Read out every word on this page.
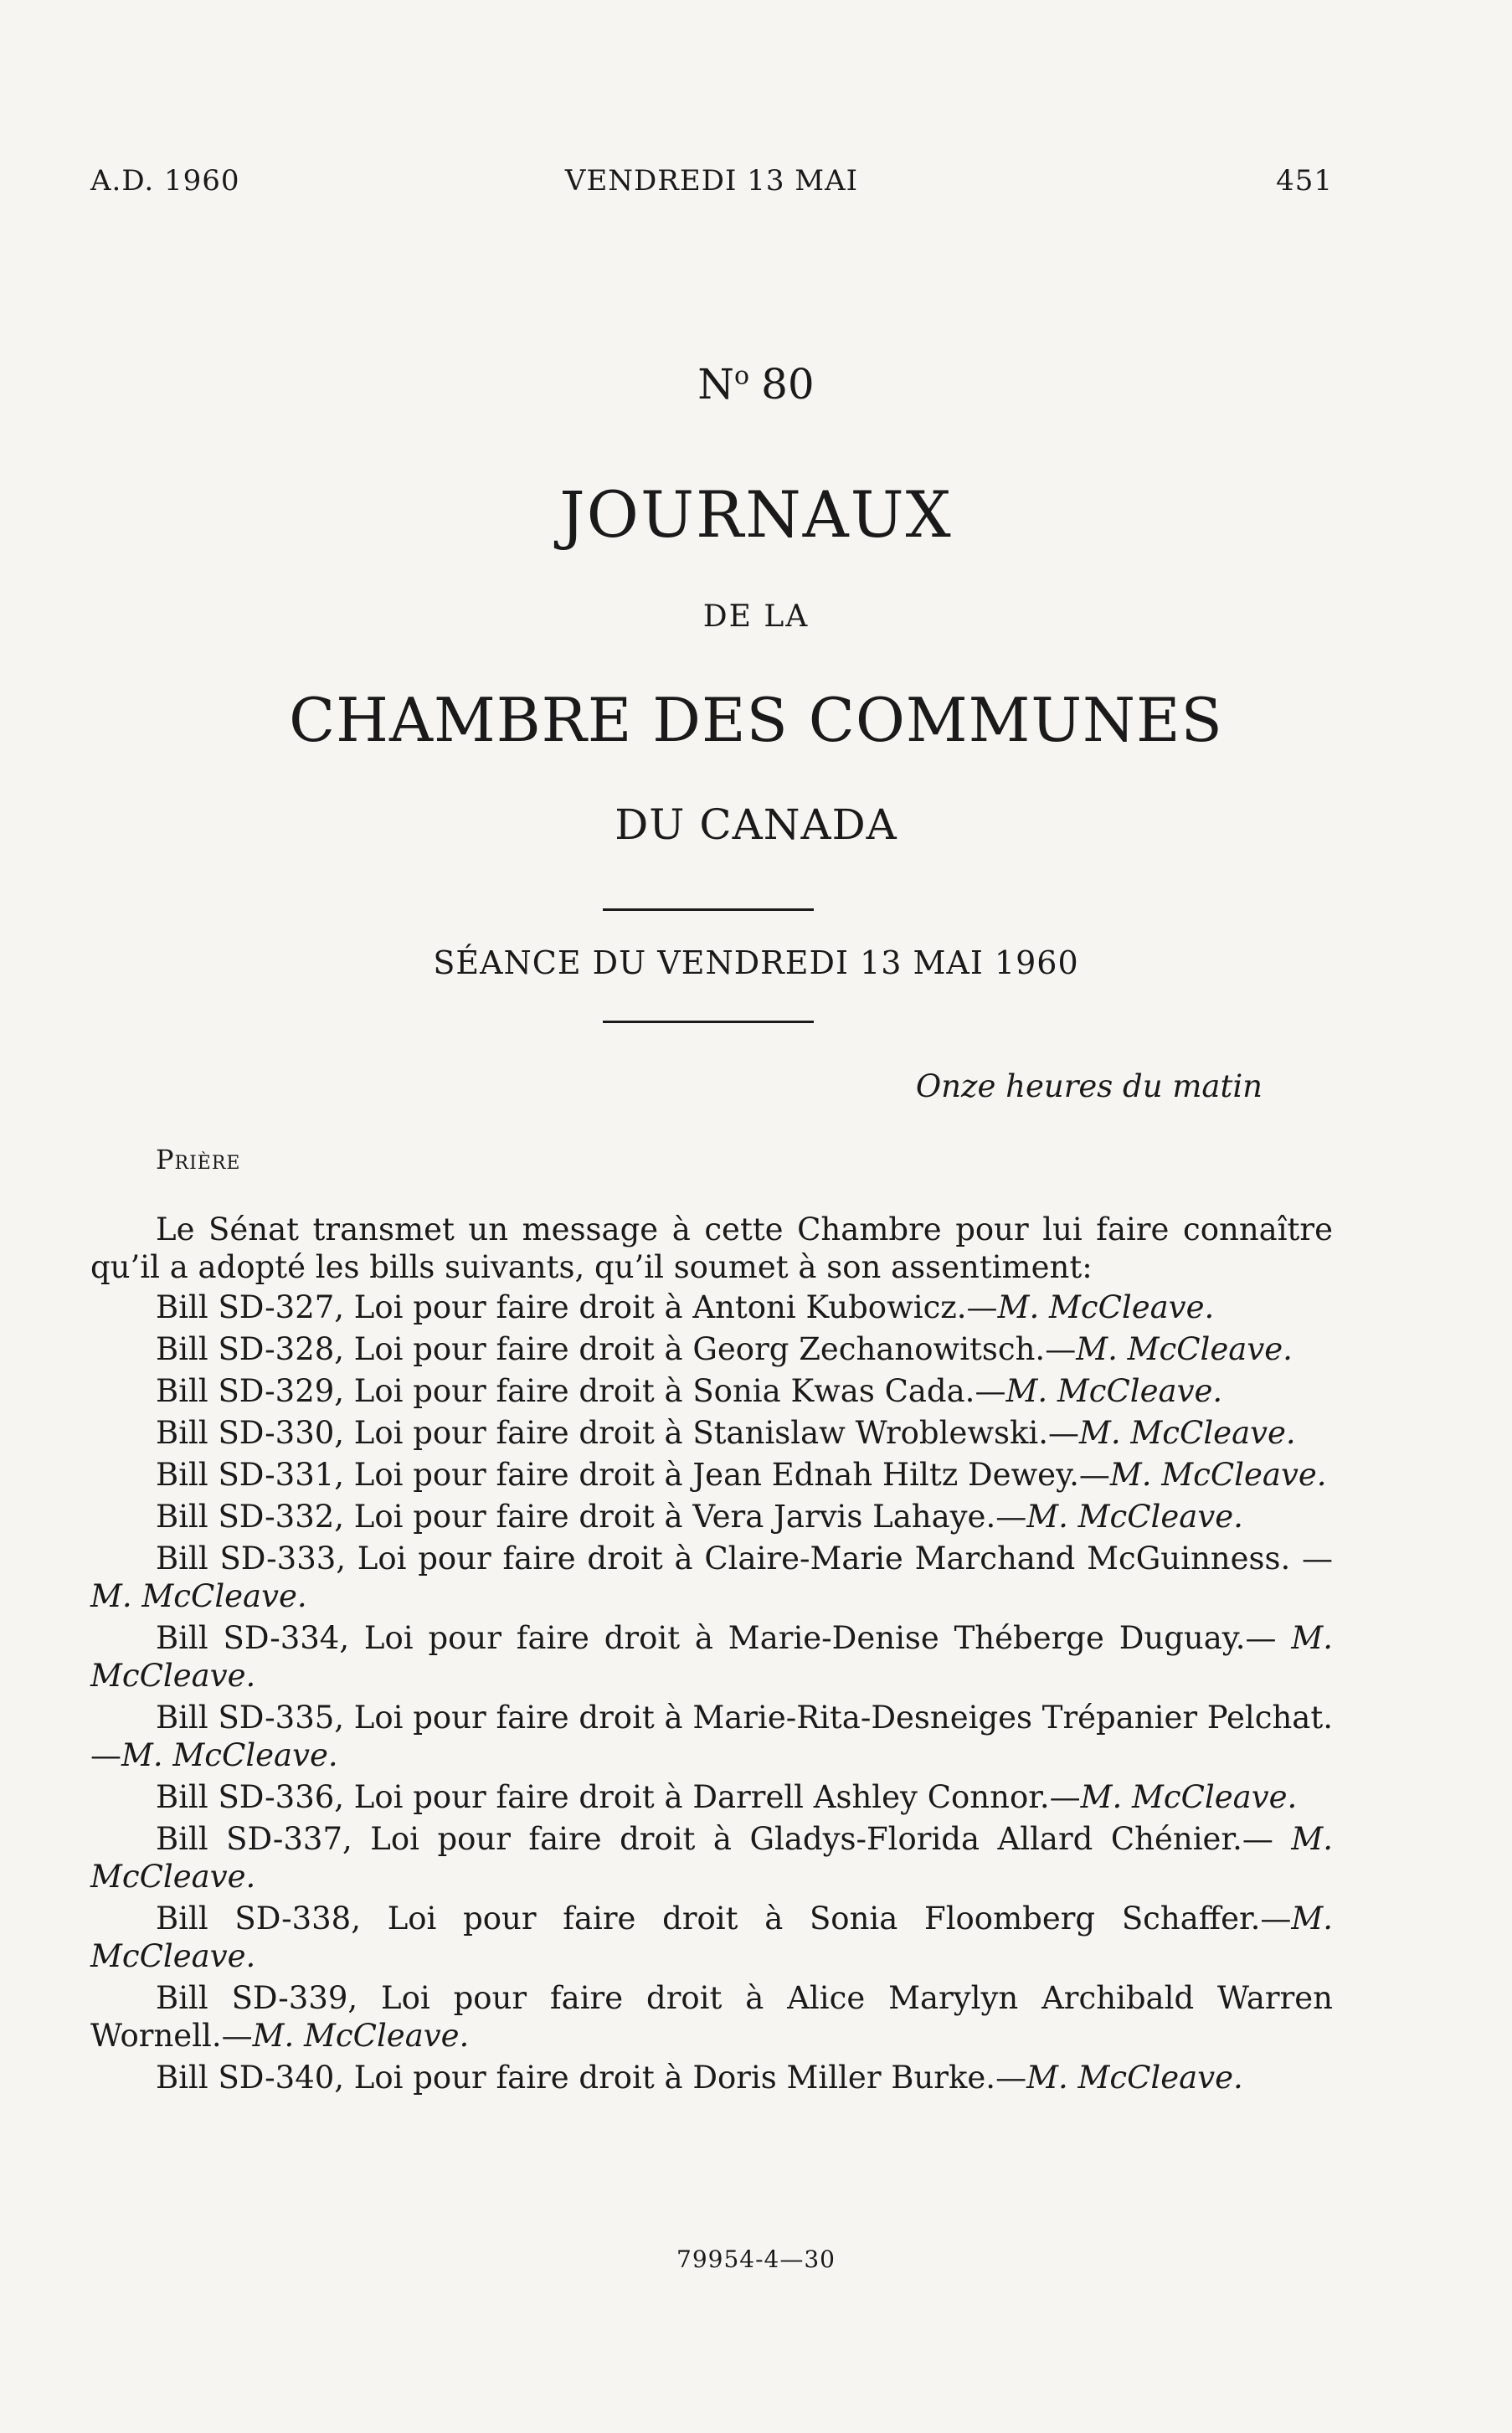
A.D. 1960	VENDREDI 13 MAI	451
$N^o$ 80
JOURNAUX
DE LA
CHAMBRE DES COMMUNES
DU CANADA
SÉANCE DU VENDREDI 13 MAI 1960
Onze heures du matin
Prière

Le Sénat transmet un message à cette Chambre pour lui faire connaître qu’il a adopté les bills suivants, qu’il soumet à son assentiment:

Bill SD-327, Loi pour faire droit à Antoni Kubowicz.—M. McCleave.

Bill SD-328, Loi pour faire droit à Georg Zechanowitsch.—M. McCleave.

Bill SD-329, Loi pour faire droit à Sonia Kwas Cada.—M. McCleave.

Bill SD-330, Loi pour faire droit à Stanislaw Wroblewski.—M. McCleave.

Bill SD-331, Loi pour faire droit à Jean Ednah Hiltz Dewey.—M. McCleave.

Bill SD-332, Loi pour faire droit à Vera Jarvis Lahaye.—M. McCleave.

Bill SD-333, Loi pour faire droit à Claire-Marie Marchand McGuinness. —M. McCleave.

Bill SD-334, Loi pour faire droit à Marie-Denise Théberge Duguay.— M. McCleave.

Bill SD-335, Loi pour faire droit à Marie-Rita-Desneiges Trépanier Pelchat. —M. McCleave.

Bill SD-336, Loi pour faire droit à Darrell Ashley Connor.—M. McCleave.

Bill SD-337, Loi pour faire droit à Gladys-Florida Allard Chénier.— M. McCleave.

Bill SD-338, Loi pour faire droit à Sonia Floomberg Schaffer.—M. McCleave.

Bill SD-339, Loi pour faire droit à Alice Marylyn Archibald Warren Wornell.—M. McCleave.

Bill SD-340, Loi pour faire droit à Doris Miller Burke.—M. McCleave.

79954-4—30
